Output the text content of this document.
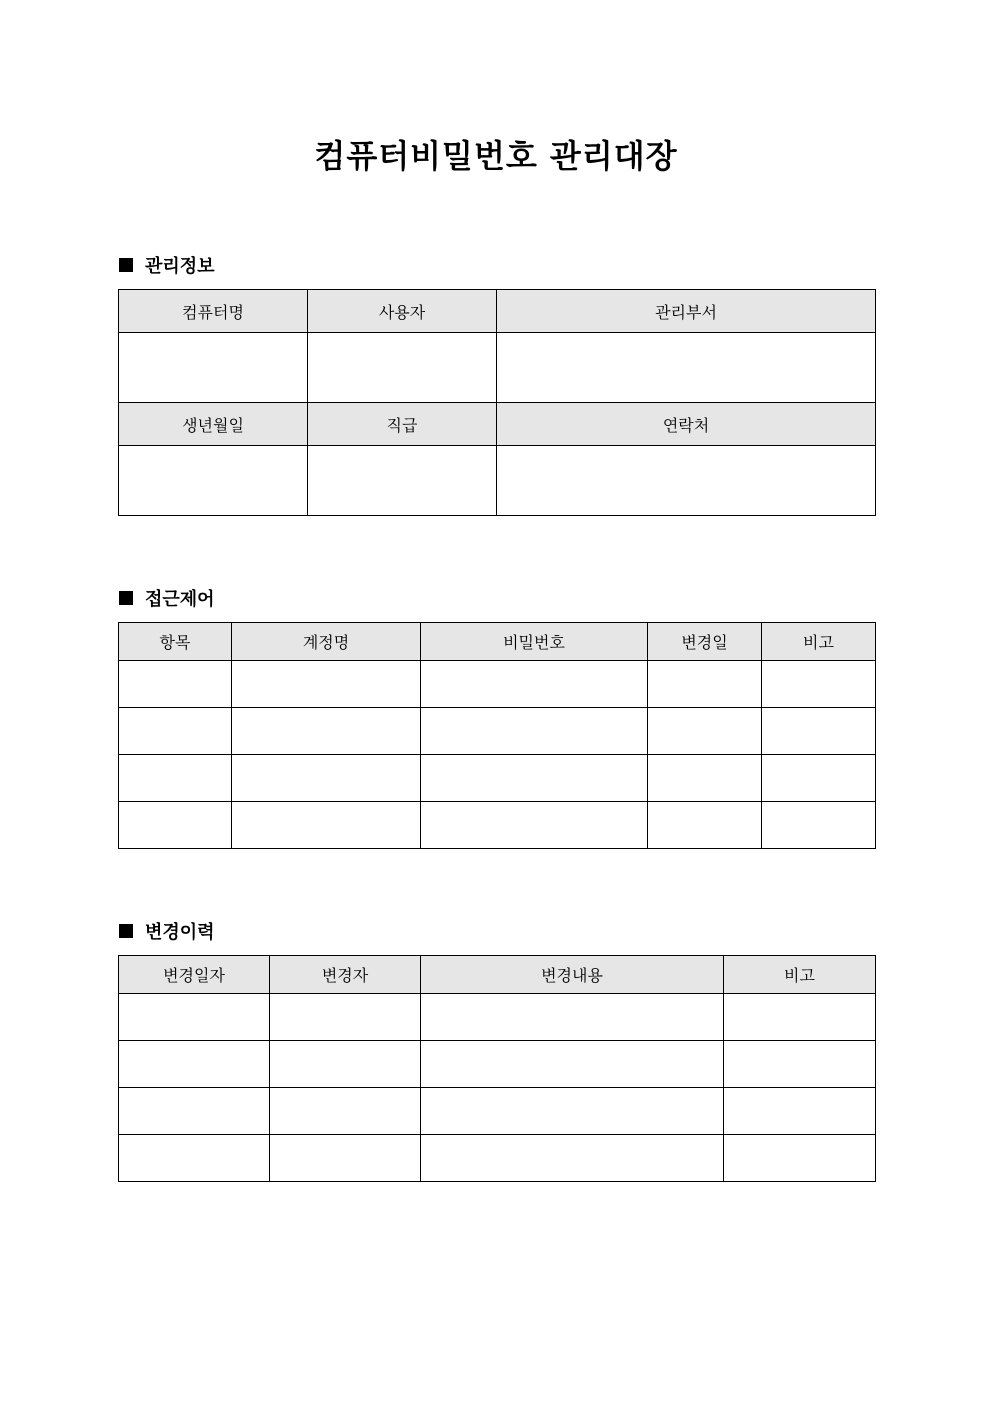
컴퓨터비밀번호 관리대장
관리정보
컴퓨터명	사용자	관리부서

생년월일	직급	연락처

접근제어
항목	계정명	비밀번호	변경일	비고

변경이력
변경일자	변경자	변경내용	비고
